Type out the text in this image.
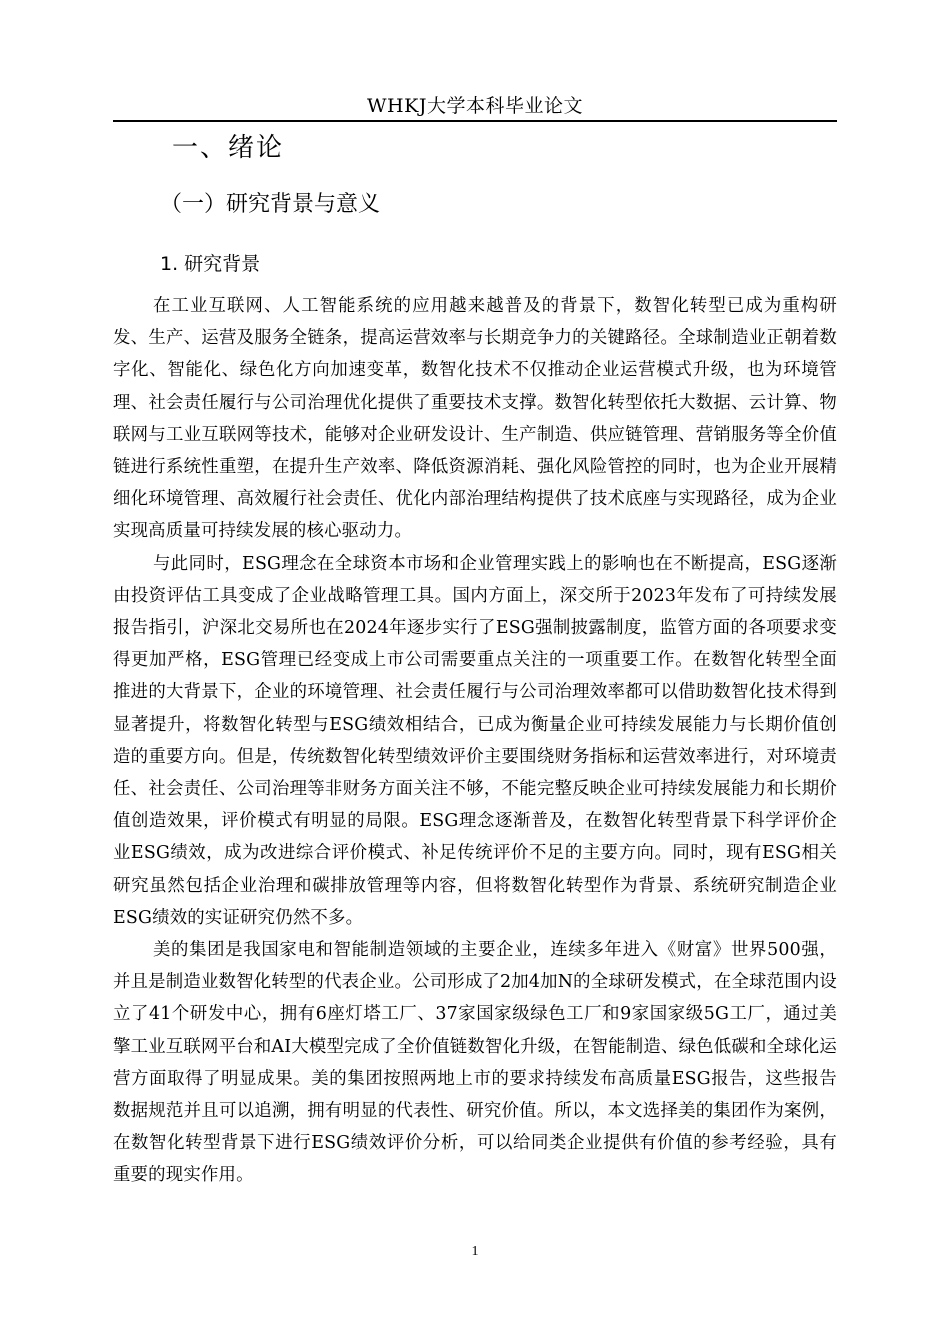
WHKJ大学本科毕业论文
一、绪论
（一）研究背景与意义
1. 研究背景

在工业互联网、人工智能系统的应用越来越普及的背景下，数智化转型已成为重构研发、生产、运营及服务全链条，提高运营效率与长期竞争力的关键路径。全球制造业正朝着数字化、智能化、绿色化方向加速变革，数智化技术不仅推动企业运营模式升级，也为环境管理、社会责任履行与公司治理优化提供了重要技术支撑。数智化转型依托大数据、云计算、物联网与工业互联网等技术，能够对企业研发设计、生产制造、供应链管理、营销服务等全价值链进行系统性重塑，在提升生产效率、降低资源消耗、强化风险管控的同时，也为企业开展精细化环境管理、高效履行社会责任、优化内部治理结构提供了技术底座与实现路径，成为企业实现高质量可持续发展的核心驱动力。

与此同时，ESG理念在全球资本市场和企业管理实践上的影响也在不断提高，ESG逐渐由投资评估工具变成了企业战略管理工具。国内方面上，深交所于2023年发布了可持续发展报告指引，沪深北交易所也在2024年逐步实行了ESG强制披露制度，监管方面的各项要求变得更加严格，ESG管理已经变成上市公司需要重点关注的一项重要工作。在数智化转型全面推进的大背景下，企业的环境管理、社会责任履行与公司治理效率都可以借助数智化技术得到显著提升，将数智化转型与ESG绩效相结合，已成为衡量企业可持续发展能力与长期价值创造的重要方向。但是，传统数智化转型绩效评价主要围绕财务指标和运营效率进行，对环境责任、社会责任、公司治理等非财务方面关注不够，不能完整反映企业可持续发展能力和长期价值创造效果，评价模式有明显的局限。ESG理念逐渐普及，在数智化转型背景下科学评价企业ESG绩效，成为改进综合评价模式、补足传统评价不足的主要方向。同时，现有ESG相关研究虽然包括企业治理和碳排放管理等内容，但将数智化转型作为背景、系统研究制造企业ESG绩效的实证研究仍然不多。

美的集团是我国家电和智能制造领域的主要企业，连续多年进入《财富》世界500强，并且是制造业数智化转型的代表企业。公司形成了2加4加N的全球研发模式，在全球范围内设立了41个研发中心，拥有6座灯塔工厂、37家国家级绿色工厂和9家国家级5G工厂，通过美擎工业互联网平台和AI大模型完成了全价值链数智化升级，在智能制造、绿色低碳和全球化运营方面取得了明显成果。美的集团按照两地上市的要求持续发布高质量ESG报告，这些报告数据规范并且可以追溯，拥有明显的代表性、研究价值。所以，本文选择美的集团作为案例，在数智化转型背景下进行ESG绩效评价分析，可以给同类企业提供有价值的参考经验，具有重要的现实作用。

1
